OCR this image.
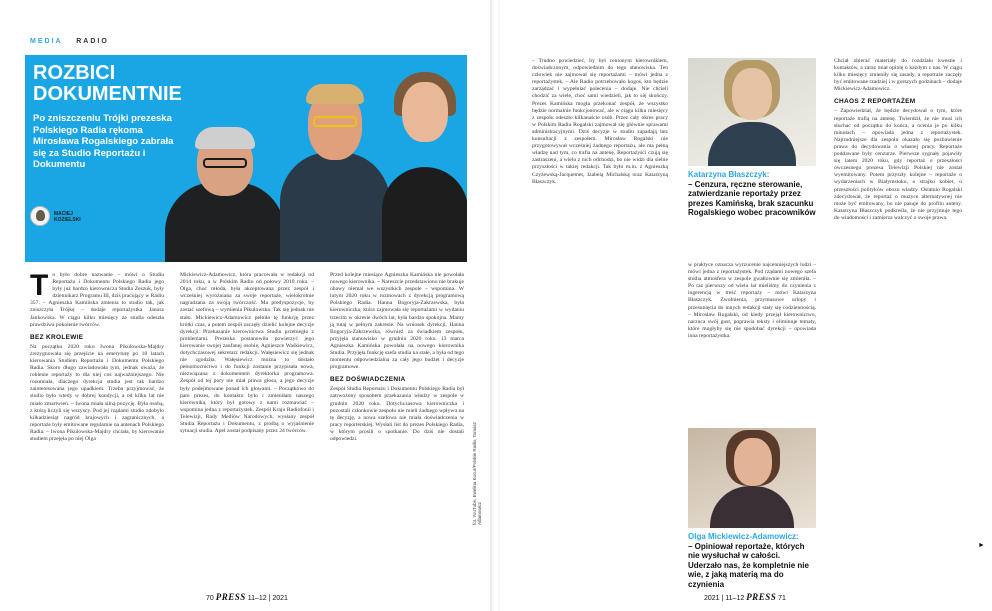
MEDIA RADIO
ROZBICI DOKUMENTNIE
Po zniszczeniu Trójki prezeska Polskiego Radia rękoma Mirosława Rogalskiego zabrała się za Studio Reportażu i Dokumentu
MACIEJ
KOZIELSKI
T o było dobre nazwanie – mówi o Studiu Reportażu i Dokumentu Polskiego Radia jego były już bardzo kierownicza Studia Zeszuk, były dziennikarz Programu III, dziś pracujący w Radiu 357. – Agnieszka Kamińska zmienia to studio tak, jak zniszczyła Trójkę – dodaje reportażystka Janusz Jankowska. W ciągu kilku miesięcy ze studia odeszła prawdziwa pokolenie twórców.
BEZ KROLEWIE
Na początku 2020 roku Iwona Pikulowska-Majdry zrezygnowała się przejście na emeryturę po 18 latach kierowania Studiem Reportażu i Dokumentu Polskiego Radia. Skoro długo zawiadowała tym, jednak uważa, że robienie reportaży to dla niej coś najważniejszego. Nie rozumiała, dlaczego dyrekcja studia jest tak bardzo zainteresowana jego upadkiem. Trzeba przyjmować, że studio było wtedy w dobrej kondycji, a od kilku lat nie miało zmartwień. – Iwona miała silną pozycję. Była osobą, z którą liczyli się wszyscy. Pod jej rządami studio zdobyło kilkadziesiąt nagród krajowych i zagranicznych, a reportaże były emitowane regularnie na antenach Polskiego Radia. – Iwona Pikulowska-Majdry chciała, by kierowanie studiem przejęła po niej Olga
Mickiewicz-Adamowicz, która pracowała w redakcji od 2014 roku, a w Polskim Radiu od połowy 2010 roku. – Olga, choć młoda, była akceptowana przez zespół i wcześniej wyróżniana za swoje reportaże, wielokrotnie nagradzana za swoją twórczość. Ma predyspozycje, by zostać szefową – wymienia Pikulowska. Tak się jednak nie stało. Mickiewicz-Adamowicz pełniła tę funkcję przez krótki czas, a potem zespół zaczęły dzielić kolejne decyzje dyrekcji. Przekazanie kierownictwa Studiu przebiegło z problemami. Prezeska postanowiła powierzyć jego kierowanie swojej zaufanej osobie, Agnieszce Waśkiewicz, dotychczasowej sekretarz redakcji. Wałęsiewicz się jednak nie zgodziła. Wałęsiewicz można to dostało pełnomocnictwo i do funkcji zostanie przypisała nowa, niezwiązana z dokumentem dyrektorka programowa. Zespół od tej pory nie miał prawa głosu, a jego decyzje były podejmowane ponad ich głowami. – Początkowo do pani prezes, do kontaktu było i zmieniłam naszego kierownika, który był gotowy z nami rozmawiać – wspomina jedna z reportażystek. Zespół Kraju Radiofonii i Telewizji, Rady Mediów Narodowych, wysłany zespół Studia Reportażu i Dokumentu, z prośbą o wyjaśnienie sytuacji studia. Apel został podpisany przez 24 twórców.
Przed kolejne miesiące Agnieszka Kamińska nie powołała nowego kierownika. – Nareszcie przedstawiono nie brakuje obawy niemal we wszystkich zespole – wspomina. W lutym 2020 roku w rozmowach z dyrekcją programową Polskiego Radia. Hanna Bogoryja-Zakrzewska, była kierowniczka, która zajmowała się reportażami w wydaniu trzecim w okresie dwóch lat, była bardzo spokojna. Mamy ją tutaj w pełnym zakresie. Na wniosek dyrekcji, Hanna Bogoryja-Zakrzewska, również za świadkiem zespołu, przyjęła stanowisko w grudniu 2020 roku. 13 marca Agnieszka Kamińska powołała na nowego kierownika Studia. Przyjęła funkcję szefa studia na stałe, a była od tego momentu odpowiedzialna za cały jego budżet i decyzje programowe.
BEZ DOŚWIADCZENIA
Zespół Studia Reportażu i Dokumentu Polskiego Radia był zatrwożony sposobem przekazania władzy w zespole w grudniu 2020 roku. Dotychczasowa kierowniczka i pozostali członkowie zespołu nie mieli żadnego wpływu na tę decyzję, a nowa szefowa nie miała doświadczenia w pracy reporterskiej. Wysłali list do prezes Polskiego Radia, w którym prosili o spotkanie. Do dziś nie dostali odpowiedzi.	fot. YouTube, Ewelina Kocur/Polskie Radio, Tomasz Adamowicz
70 PRESS 11–12 | 2021
– Trudno powiedzieć, by był cenionym kierownikiem, doświadczonym, odpowiednim do tego stanowiska. Ten człowiek nie zajmował się reportażami – mówi jedna z reportażystek. – Ale Radio potrzebowało kogoś, kto będzie zarządzać i wypełniać polecenia – dodaje. Nie chcieli chodzić za wiele, choć sami wiedzieli, jak to się skończy. Prezes Kamińska mogła przekonać zespół, że wszystko będzie normalnie funkcjonować, ale w ciągu kilku miesięcy z zespołu odeszło kilkanaście osób. Przez cały okres pracy w Polskim Radiu Rogalski zajmował się głównie sprawami administracyjnymi. Dziś decyzje w studiu zapadają bez konsultacji z zespołem. Mirosław Rogalski nie przygotowywał wcześniej żadnego reportażu, ale ma pełną władzę nad tym, co trafia na antenę. Reportażyści czują się zastraszeni, a wielu z nich odchodzi, bo nie widzi dla siebie przyszłości w takiej redakcji. Tak było m.in. z Agnieszką Czyżewską-Jacquemet, Izabelą Michalską oraz Katarzyną Błaszczyk.
Katarzyna Błaszczyk:
– Cenzura, ręczne sterowanie, zatwierdzanie reportaży przez prezes Kamińską, brak szacunku Rogalskiego wobec pracowników
w praktyce oznacza wyrzucenie najcenniejszych ludzi – mówi jedna z reportażystek. Pod rządami nowego szefa studia atmosfera w zespole gwałtownie się zmieniła. – Po raz pierwszy od wielu lat mieliśmy do czynienia z ingerencją w treść reportaży – mówi Katarzyna Błaszczyk. Zwolnienia, przymusowe urlopy i przesunięcia do innych redakcji stały się codziennością. – Mirosław Rogalski, od kiedy przejął kierownictwo, narzuca swój gust, poprawia teksty i eliminuje tematy, które mogłyby się nie spodobać dyrekcji – opowiada inna reportażystka.
Olga Mickiewicz-Adamowicz:
– Opiniował reportaże, których nie wysłuchał w całości. Uderzało nas, że kompletnie nie wie, z jaką materią ma do czynienia
Chciał zbierać materiały do rozdziału kwestie i kontaktów, a zaraz miał opinię o każdym z nas. W ciągu kilku miesięcy zmieniły się zasady, a reportaże zaczęły być emitowane rzadziej i w gorszych godzinach – dodaje Mickiewicz-Adamowicz.
CHAOS Z REPORTAŻEM
– Zapowiedział, że będzie decydował o tym, które reportaże trafią na antenę. Twierdził, że nie musi ich słuchać od początku do końca, a ocenia je po kilku minutach – opowiada jedna z reportażystek. Najtrudniejsze dla zespołu okazało się pozbawienie prawa do decydowania o własnej pracy. Reportaże poddawane były cenzurze. Pierwsze sygnały pojawiły się latem 2020 roku, gdy reportaż o przeszłości ówczesnego prezesa Telewizji Polskiej nie został wyemitowany. Potem przyszły kolejne – reportaże o wydarzeniach w Białymstoku, o strajku kobiet, o przeszłości polityków obozu władzy. Ostatnio Rogalski zdecydował, że reportaż o muzyce alternatywnej nie może być emitowany, bo nie pasuje do profilu anteny. Katarzyna Błaszczyk podkreśla, że nie przyjmuje tego do wiadomości i zamierza walczyć o swoje prawa.
2021 | 11–12 PRESS 71
►
